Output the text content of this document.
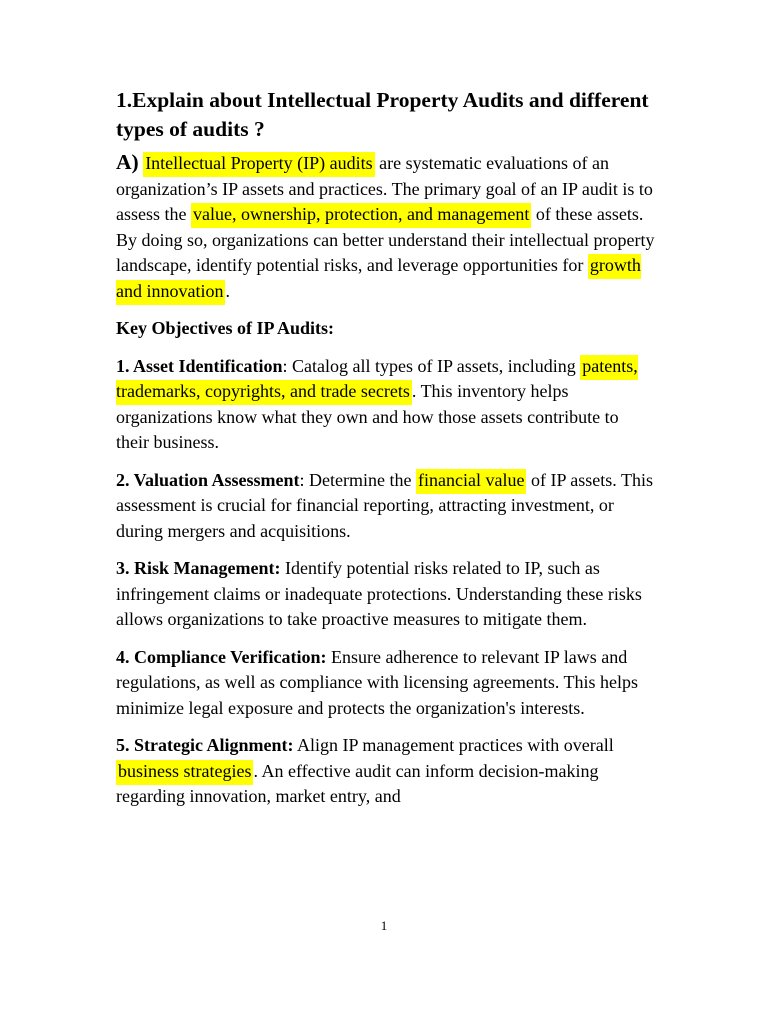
1.Explain about Intellectual Property Audits and different types of audits ?

A) Intellectual Property (IP) audits are systematic evaluations of an organization’s IP assets and practices. The primary goal of an IP audit is to assess the value, ownership, protection, and management of these assets. By doing so, organizations can better understand their intellectual property landscape, identify potential risks, and leverage opportunities for growth and innovation .

Key Objectives of IP Audits:

1. Asset Identification: Catalog all types of IP assets, including patents, trademarks, copyrights, and trade secrets . This inventory helps organizations know what they own and how those assets contribute to their business.

2. Valuation Assessment: Determine the financial value of IP assets. This assessment is crucial for financial reporting, attracting investment, or during mergers and acquisitions.

3. Risk Management: Identify potential risks related to IP, such as infringement claims or inadequate protections. Understanding these risks allows organizations to take proactive measures to mitigate them.

4. Compliance Verification: Ensure adherence to relevant IP laws and regulations, as well as compliance with licensing agreements. This helps minimize legal exposure and protects the organization's interests.

5. Strategic Alignment: Align IP management practices with overall business strategies . An effective audit can inform decision-making regarding innovation, market entry, and

1
